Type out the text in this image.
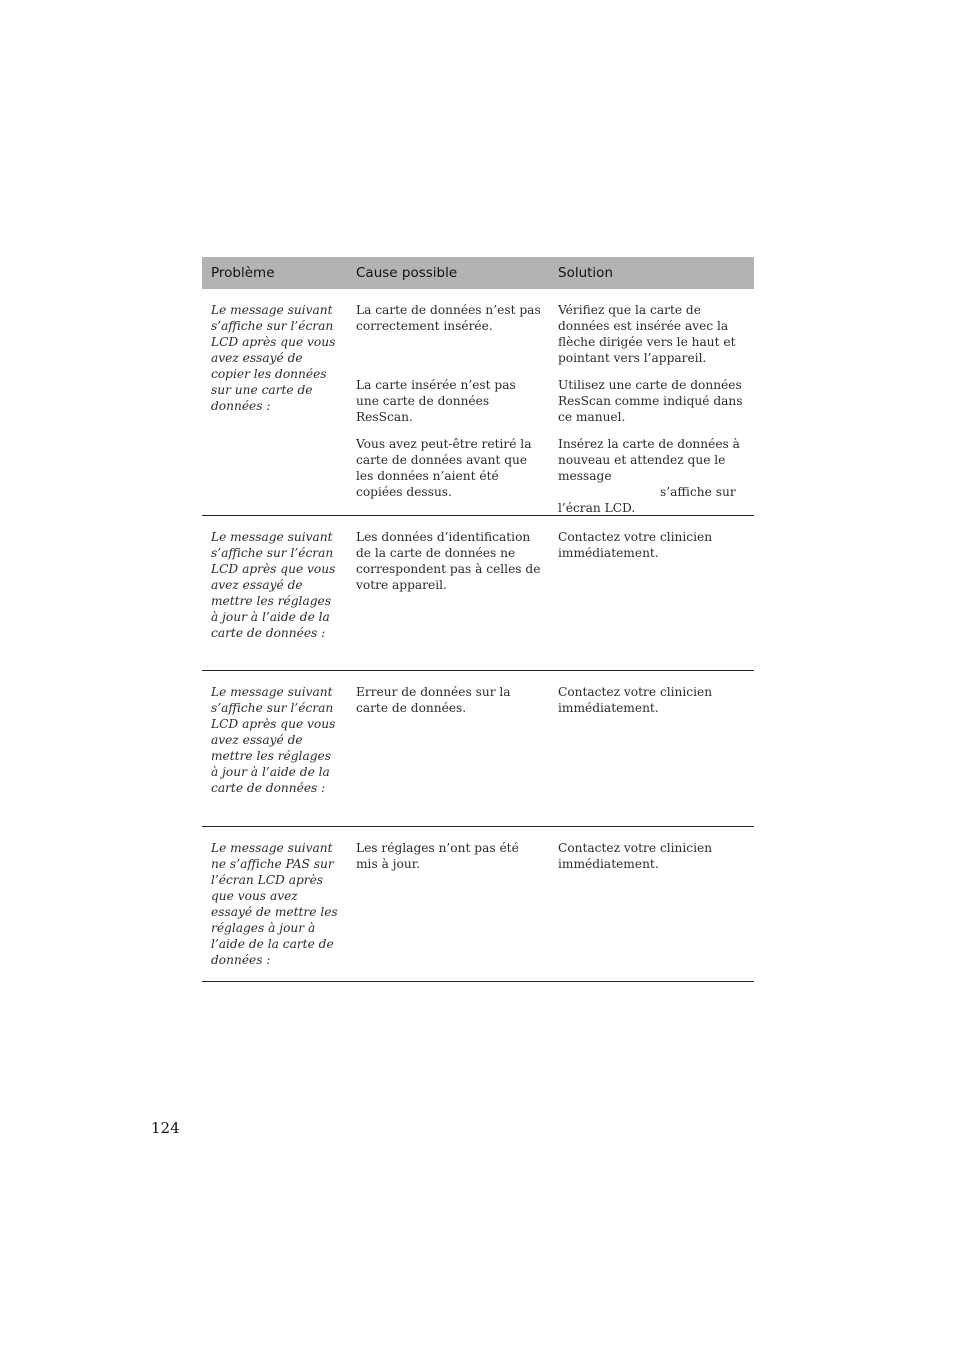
Problème	Cause possible	Solution
Le message suivant s’affiche sur l’écran LCD après que vous avez essayé de copier les données sur une carte de données :
La carte de données n’est pas correctement insérée.
Vérifiez que la carte de données est insérée avec la flèche dirigée vers le haut et pointant vers l’appareil.
La carte insérée n’est pas une carte de données ResScan.
Utilisez une carte de données ResScan comme indiqué dans ce manuel.
Vous avez peut-être retiré la carte de données avant que les données n’aient été copiées dessus.
Insérez la carte de données à nouveau et attendez que le message
s’affiche sur
l’écran LCD.
Le message suivant s’affiche sur l’écran LCD après que vous avez essayé de mettre les réglages à jour à l’aide de la carte de données :
Les données d’identification de la carte de données ne correspondent pas à celles de votre appareil.
Contactez votre clinicien immédiatement.
Le message suivant s’affiche sur l’écran LCD après que vous avez essayé de mettre les réglages à jour à l’aide de la carte de données :
Erreur de données sur la carte de données.
Contactez votre clinicien immédiatement.
Le message suivant ne s’affiche PAS sur l’écran LCD après que vous avez essayé de mettre les réglages à jour à l’aide de la carte de données :
Les réglages n’ont pas été mis à jour.
Contactez votre clinicien immédiatement.
124
